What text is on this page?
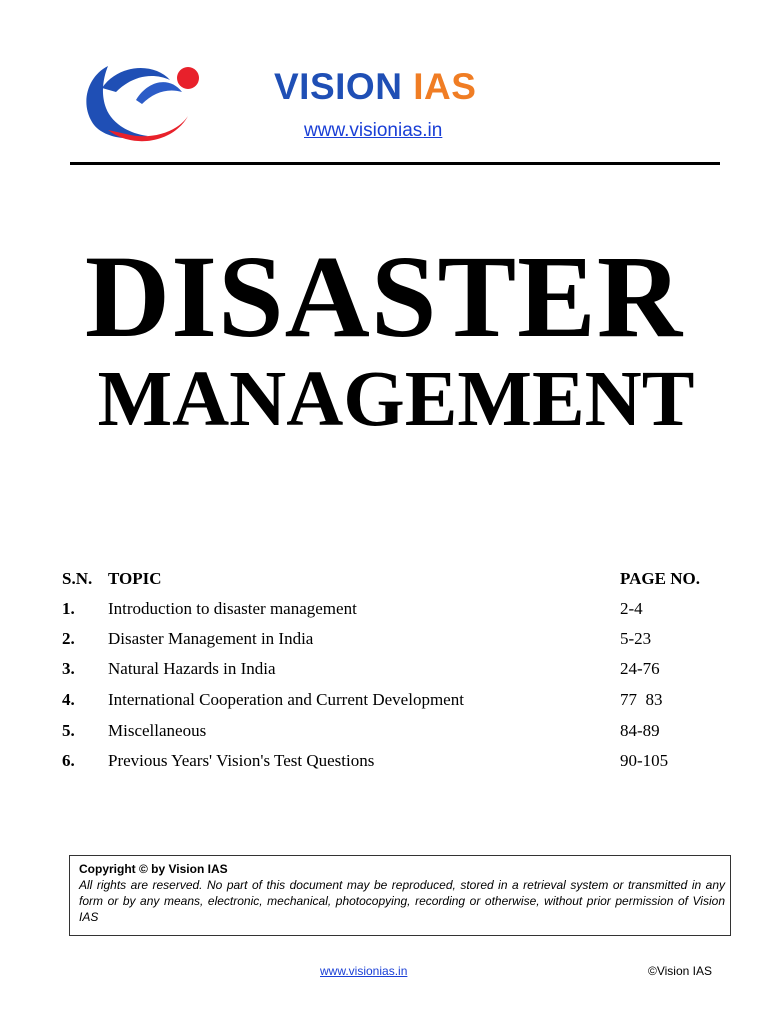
VISION IAS
www.visionias.in
DISASTER
MANAGEMENT
S.N. TOPIC	PAGE NO.
1. Introduction to disaster management	2-4
2. Disaster Management in India	5-23
3. Natural Hazards in India	24-76
4. International Cooperation and Current Development	77  83
5. Miscellaneous	84-89
6. Previous Years' Vision's Test Questions	90-105
Copyright © by Vision IAS
All rights are reserved. No part of this document may be reproduced, stored in a retrieval system or transmitted in any form or by any means, electronic, mechanical, photocopying, recording or otherwise, without prior permission of Vision IAS
www.visionias.in	©Vision IAS
